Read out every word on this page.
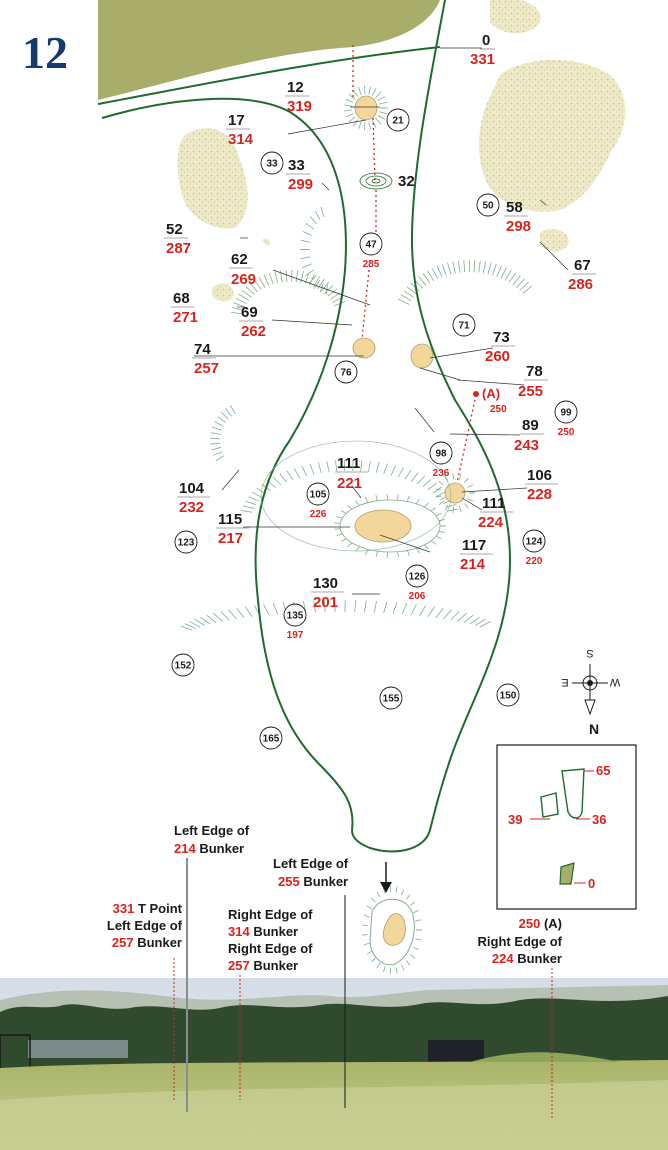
12	0
331
12
319
17
314
33
299	32
58
298
52
287
67
286
62
269
68
271	69
262	73
260
74
257	78
255
89
243
104
232
111
221	106
228
111
224
115
217	117
214
130
201
21
33
47
285
50
71
76
99
250
98
236
105
226
123	124
220
126
206
135
197
152
155	150
165
(A)
250
S
W
E
N
65
39	36
0
331 T Point
Left Edge of
257 Bunker
Left Edge of
214 Bunker
Right Edge of
314 Bunker
Right Edge of
257 Bunker
Left Edge of
255 Bunker
250 (A)
Right Edge of
224 Bunker
